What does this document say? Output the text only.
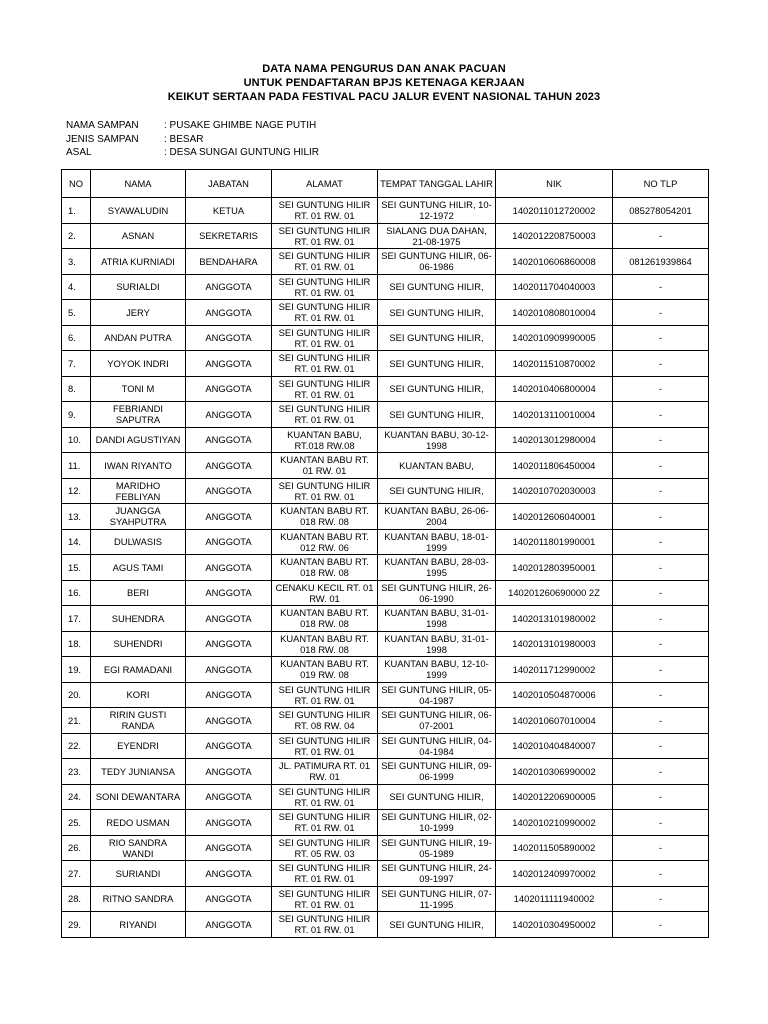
DATA NAMA PENGURUS DAN ANAK PACUAN
UNTUK PENDAFTARAN BPJS KETENAGA KERJAAN
KEIKUT SERTAAN PADA FESTIVAL PACU JALUR EVENT NASIONAL TAHUN 2023
NAMA SAMPAN	: PUSAKE GHIMBE NAGE PUTIH
JENIS SAMPAN	: BESAR
ASAL	: DESA SUNGAI GUNTUNG HILIR
NO	NAMA	JABATAN	ALAMAT	TEMPAT TANGGAL LAHIR	NIK	NO TLP
1.	SYAWALUDIN	KETUA	SEI GUNTUNG HILIR RT. 01 RW. 01	SEI GUNTUNG HILIR, 10-12-1972	1402011012720002	085278054201
2.	ASNAN	SEKRETARIS	SEI GUNTUNG HILIR RT. 01 RW. 01	SIALANG DUA DAHAN, 21-08-1975	1402012208750003	-
3.	ATRIA KURNIADI	BENDAHARA	SEI GUNTUNG HILIR RT. 01 RW. 01	SEI GUNTUNG HILIR, 06-06-1986	1402010606860008	081261939864
4.	SURIALDI	ANGGOTA	SEI GUNTUNG HILIR RT. 01 RW. 01	SEI GUNTUNG HILIR,	1402011704040003	-
5.	JERY	ANGGOTA	SEI GUNTUNG HILIR RT. 01 RW. 01	SEI GUNTUNG HILIR,	1402010808010004	-
6.	ANDAN PUTRA	ANGGOTA	SEI GUNTUNG HILIR RT. 01 RW. 01	SEI GUNTUNG HILIR,	1402010909990005	-
7.	YOYOK INDRI	ANGGOTA	SEI GUNTUNG HILIR RT. 01 RW. 01	SEI GUNTUNG HILIR,	1402011510870002	-
8.	TONI M	ANGGOTA	SEI GUNTUNG HILIR RT. 01 RW. 01	SEI GUNTUNG HILIR,	1402010406800004	-
9.	FEBRIANDI SAPUTRA	ANGGOTA	SEI GUNTUNG HILIR RT. 01 RW. 01	SEI GUNTUNG HILIR,	1402013110010004	-
10.	DANDI AGUSTIYAN	ANGGOTA	KUANTAN BABU, RT.018 RW.08	KUANTAN BABU, 30-12-1998	1402013012980004	-
11.	IWAN RIYANTO	ANGGOTA	KUANTAN BABU RT. 01 RW. 01	KUANTAN BABU,	1402011806450004	-
12.	MARIDHO FEBLIYAN	ANGGOTA	SEI GUNTUNG HILIR RT. 01 RW. 01	SEI GUNTUNG HILIR,	1402010702030003	-
13.	JUANGGA SYAHPUTRA	ANGGOTA	KUANTAN BABU RT. 018 RW. 08	KUANTAN BABU, 26-06-2004	1402012606040001	-
14.	DULWASIS	ANGGOTA	KUANTAN BABU RT. 012 RW. 06	KUANTAN BABU, 18-01-1999	1402011801990001	-
15.	AGUS TAMI	ANGGOTA	KUANTAN BABU RT. 018 RW. 08	KUANTAN BABU, 28-03-1995	1402012803950001	-
16.	BERI	ANGGOTA	CENAKU KECIL RT. 01 RW. 01	SEI GUNTUNG HILIR, 26-06-1990	140201260690000 2Z	-
17.	SUHENDRA	ANGGOTA	KUANTAN BABU RT. 018 RW. 08	KUANTAN BABU, 31-01-1998	1402013101980002	-
18.	SUHENDRI	ANGGOTA	KUANTAN BABU RT. 018 RW. 08	KUANTAN BABU, 31-01-1998	1402013101980003	-
19.	EGI RAMADANI	ANGGOTA	KUANTAN BABU RT. 019 RW. 08	KUANTAN BABU, 12-10-1999	1402011712990002	-
20.	KORI	ANGGOTA	SEI GUNTUNG HILIR RT. 01 RW. 01	SEI GUNTUNG HILIR, 05-04-1987	1402010504870006	-
21.	RIRIN GUSTI RANDA	ANGGOTA	SEI GUNTUNG HILIR RT. 08 RW. 04	SEI GUNTUNG HILIR, 06-07-2001	1402010607010004	-
22.	EYENDRI	ANGGOTA	SEI GUNTUNG HILIR RT. 01 RW. 01	SEI GUNTUNG HILIR, 04-04-1984	1402010404840007	-
23.	TEDY JUNIANSA	ANGGOTA	JL. PATIMURA RT. 01 RW. 01	SEI GUNTUNG HILIR, 09-06-1999	1402010306990002	-
24.	SONI DEWANTARA	ANGGOTA	SEI GUNTUNG HILIR RT. 01 RW. 01	SEI GUNTUNG HILIR,	1402012206900005	-
25.	REDO USMAN	ANGGOTA	SEI GUNTUNG HILIR RT. 01 RW. 01	SEI GUNTUNG HILIR, 02-10-1999	1402010210990002	-
26.	RIO SANDRA WANDI	ANGGOTA	SEI GUNTUNG HILIR RT. 05 RW. 03	SEI GUNTUNG HILIR, 19-05-1989	1402011505890002	-
27.	SURIANDI	ANGGOTA	SEI GUNTUNG HILIR RT. 01 RW. 01	SEI GUNTUNG HILIR, 24-09-1997	1402012409970002	-
28.	RITNO SANDRA	ANGGOTA	SEI GUNTUNG HILIR RT. 01 RW. 01	SEI GUNTUNG HILIR, 07-11-1995	1402011111940002	-
29.	RIYANDI	ANGGOTA	SEI GUNTUNG HILIR RT. 01 RW. 01	SEI GUNTUNG HILIR,	1402010304950002	-
